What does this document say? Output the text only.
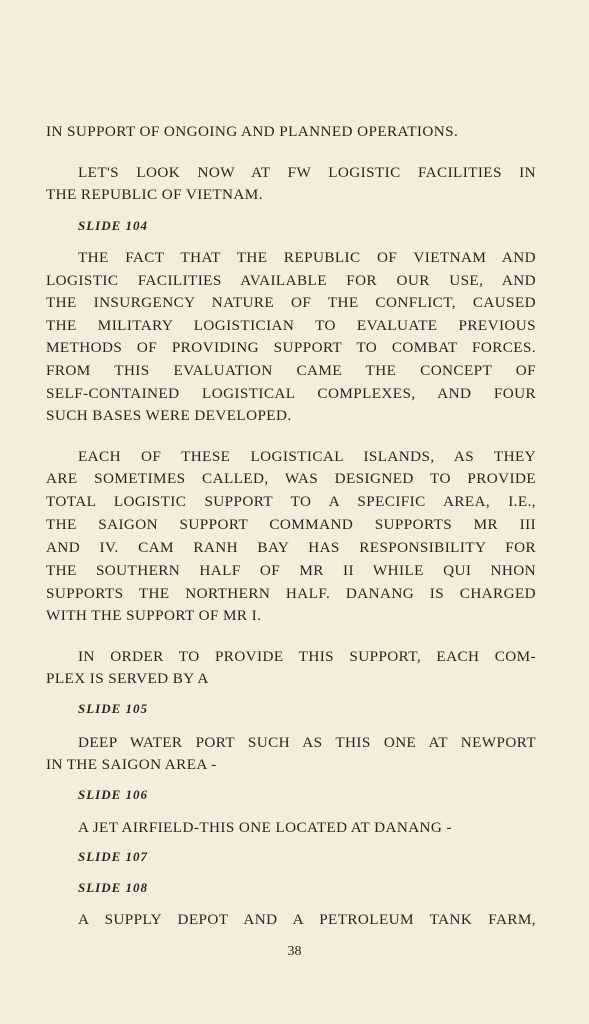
IN SUPPORT OF ONGOING AND PLANNED OPERATIONS.
LET'S LOOK NOW AT FW LOGISTIC FACILITIES IN
THE REPUBLIC OF VIETNAM.
SLIDE 104
THE FACT THAT THE REPUBLIC OF VIETNAM AND
LOGISTIC FACILITIES AVAILABLE FOR OUR USE, AND
THE INSURGENCY NATURE OF THE CONFLICT, CAUSED
THE MILITARY LOGISTICIAN TO EVALUATE PREVIOUS
METHODS OF PROVIDING SUPPORT TO COMBAT FORCES.
FROM THIS EVALUATION CAME THE CONCEPT OF
SELF-CONTAINED LOGISTICAL COMPLEXES, AND FOUR
SUCH BASES WERE DEVELOPED.
EACH OF THESE LOGISTICAL ISLANDS, AS THEY
ARE SOMETIMES CALLED, WAS DESIGNED TO PROVIDE
TOTAL LOGISTIC SUPPORT TO A SPECIFIC AREA, I.E.,
THE SAIGON SUPPORT COMMAND SUPPORTS MR III
AND IV. CAM RANH BAY HAS RESPONSIBILITY FOR
THE SOUTHERN HALF OF MR II WHILE QUI NHON
SUPPORTS THE NORTHERN HALF. DANANG IS CHARGED
WITH THE SUPPORT OF MR I.
IN ORDER TO PROVIDE THIS SUPPORT, EACH COM-
PLEX IS SERVED BY A
SLIDE 105
DEEP WATER PORT SUCH AS THIS ONE AT NEWPORT
IN THE SAIGON AREA -
SLIDE 106
A JET AIRFIELD-THIS ONE LOCATED AT DANANG -
SLIDE 107
SLIDE 108
A SUPPLY DEPOT AND A PETROLEUM TANK FARM,
38
